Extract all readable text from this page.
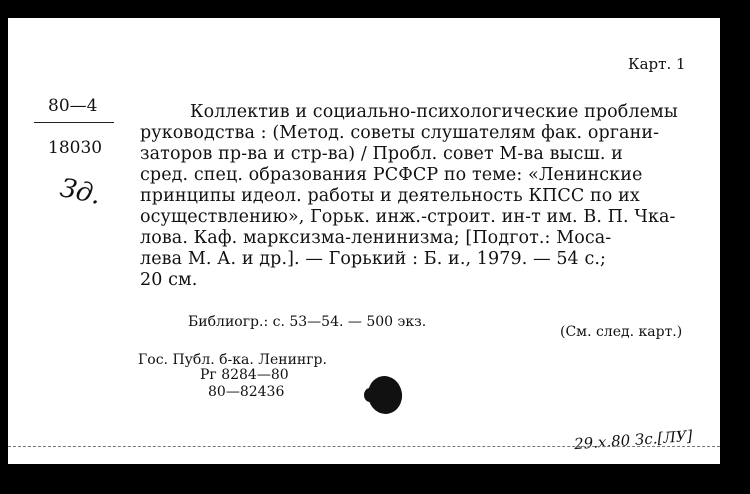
Карт. 1
80—4
18030
Зд.
Коллектив и социально-психологические проблемы
руководства : (Метод. советы слушателям фак. органи-
заторов пр-ва и стр-ва) / Пробл. совет М-ва высш. и
сред. спец. образования РСФСР по теме: «Ленинские
принципы идеол. работы и деятельность КПСС по их
осуществлению», Горьк. инж.-строит. ин-т им. В. П. Чка-
лова. Каф. марксизма-ленинизма; [Подгот.: Моса-
лева М. А. и др.]. — Горький : Б. и., 1979. — 54 с.;
20 см.
Библиогр.: с. 53—54. — 500 экз.
(См. след. карт.)
Гос. Публ. б-ка. Ленингр.
Рг 8284—80
80—82436
29.х.80 Зс.[ЛУ]
